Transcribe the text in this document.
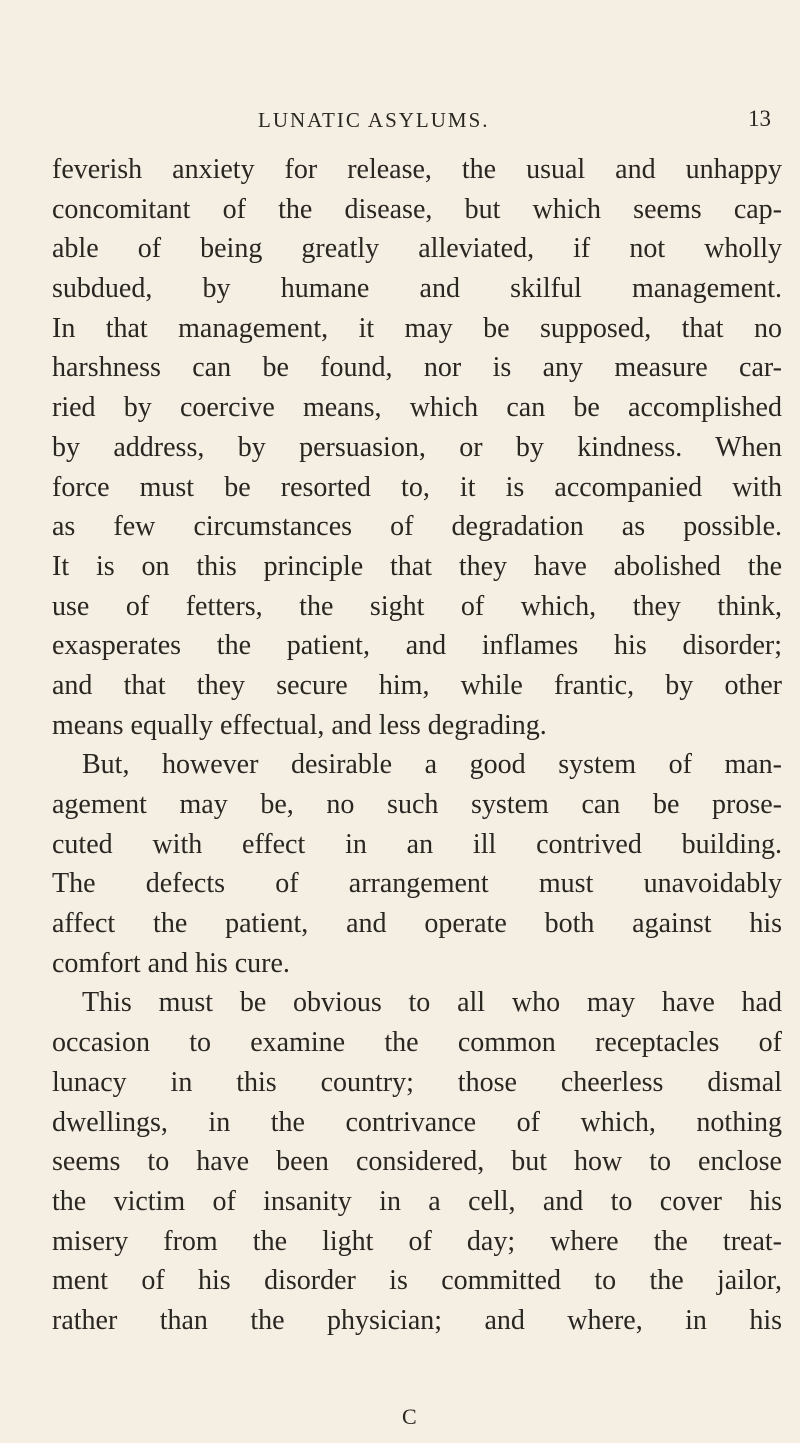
LUNATIC ASYLUMS.	13
feverish anxiety for release, the usual and unhappy
concomitant of the disease, but which seems cap-
able of being greatly alleviated, if not wholly
subdued, by humane and skilful management.
In that management, it may be supposed, that no
harshness can be found, nor is any measure car-
ried by coercive means, which can be accomplished
by address, by persuasion, or by kindness. When
force must be resorted to, it is accompanied with
as few circumstances of degradation as possible.
It is on this principle that they have abolished the
use of fetters, the sight of which, they think,
exasperates the patient, and inflames his disorder;
and that they secure him, while frantic, by other
means equally effectual, and less degrading.
But, however desirable a good system of man-
agement may be, no such system can be prose-
cuted with effect in an ill contrived building.
The defects of arrangement must unavoidably
affect the patient, and operate both against his
comfort and his cure.
This must be obvious to all who may have had
occasion to examine the common receptacles of
lunacy in this country; those cheerless dismal
dwellings, in the contrivance of which, nothing
seems to have been considered, but how to enclose
the victim of insanity in a cell, and to cover his
misery from the light of day; where the treat-
ment of his disorder is committed to the jailor,
rather than the physician; and where, in his
C
